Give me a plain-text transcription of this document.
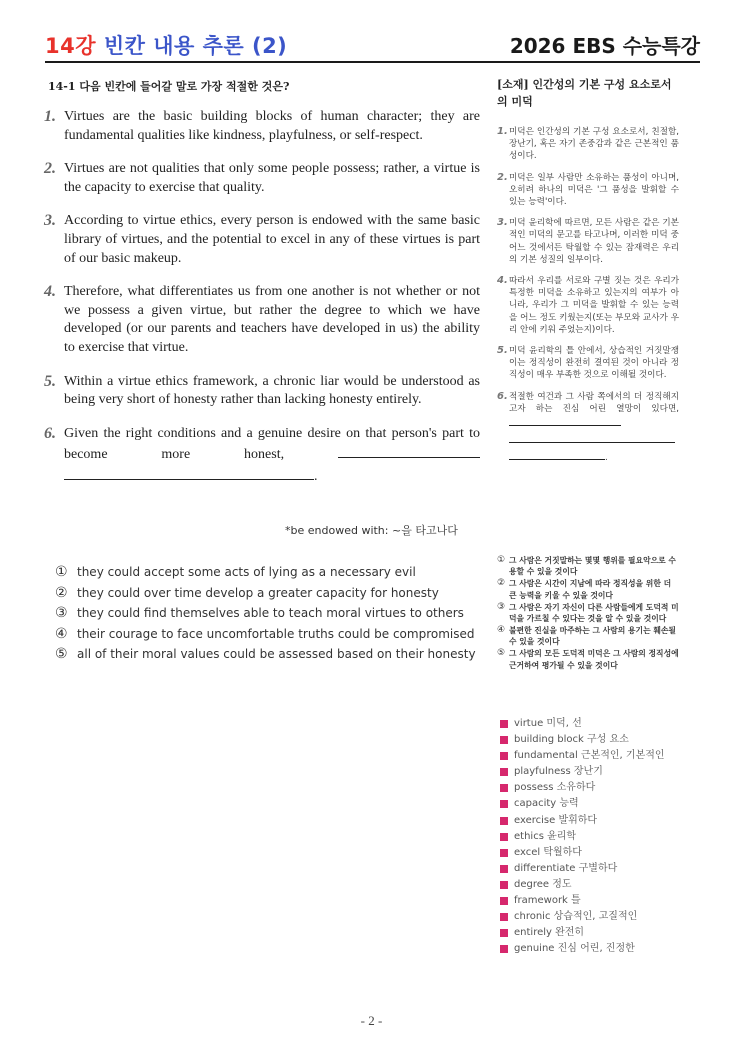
14강 빈칸 내용 추론 (2)	2026 EBS 수능특강
14-1 다음 빈칸에 들어갈 말로 가장 적절한 것은?
1. Virtues are the basic building blocks of human character; they are fundamental qualities like kindness, playfulness, or self-respect.
2. Virtues are not qualities that only some people possess; rather, a virtue is the capacity to exercise that quality.
3. According to virtue ethics, every person is endowed with the same basic library of virtues, and the potential to excel in any of these virtues is part of our basic makeup.
4. Therefore, what differentiates us from one another is not whether or not we possess a given virtue, but rather the degree to which we have developed (or our parents and teachers have developed in us) the ability to exercise that virtue.
5. Within a virtue ethics framework, a chronic liar would be understood as being very short of honesty rather than lacking honesty entirely.
6. Given the right conditions and a genuine desire on that person's part to become more honest,  .
*be endowed with: ~을 타고나다
① they could accept some acts of lying as a necessary evil
② they could over time develop a greater capacity for honesty
③ they could find themselves able to teach moral virtues to others
④ their courage to face uncomfortable truths could be compromised
⑤ all of their moral values could be assessed based on their honesty
[소재] 인간성의 기본 구성 요소로서의 미덕
1. 미덕은 인간성의 기본 구성 요소로서, 친절함, 장난기, 혹은 자기 존중감과 같은 근본적인 품성이다.
2. 미덕은 일부 사람만 소유하는 품성이 아니며, 오히려 하나의 미덕은 '그 품성을 발휘할 수 있는 능력'이다.
3. 미덕 윤리학에 따르면, 모든 사람은 같은 기본적인 미덕의 문고를 타고나며, 이러한 미덕 중 어느 것에서든 탁월할 수 있는 잠재력은 우리의 기본 성질의 일부이다.
4. 따라서 우리를 서로와 구별 짓는 것은 우리가 특정한 미덕을 소유하고 있는지의 여부가 아니라, 우리가 그 미덕을 발휘할 수 있는 능력을 어느 정도 키웠는지(또는 부모와 교사가 우리 안에 키워 주었는지)이다.
5. 미덕 윤리학의 틀 안에서, 상습적인 거짓말쟁이는 정직성이 완전히 결여된 것이 아니라 정직성이 매우 부족한 것으로 이해될 것이다.
6. 적절한 여건과 그 사람 쪽에서의 더 정직해지고자 하는 진심 어린 열망이 있다면,   .
① 그 사람은 거짓말하는 몇몇 행위를 필요악으로 수용할 수 있을 것이다
② 그 사람은 시간이 지남에 따라 정직성을 위한 더 큰 능력을 키울 수 있을 것이다
③ 그 사람은 자기 자신이 다른 사람들에게 도덕적 미덕을 가르칠 수 있다는 것을 알 수 있을 것이다
④ 불편한 진실을 마주하는 그 사람의 용기는 훼손될 수 있을 것이다
⑤ 그 사람의 모든 도덕적 미덕은 그 사람의 정직성에 근거하여 평가될 수 있을 것이다
virtue 미덕, 선
building block 구성 요소
fundamental 근본적인, 기본적인
playfulness 장난기
possess 소유하다
capacity 능력
exercise 발휘하다
ethics 윤리학
excel 탁월하다
differentiate 구별하다
degree 정도
framework 틀
chronic 상습적인, 고질적인
entirely 완전히
genuine 진심 어린, 진정한
- 2 -
